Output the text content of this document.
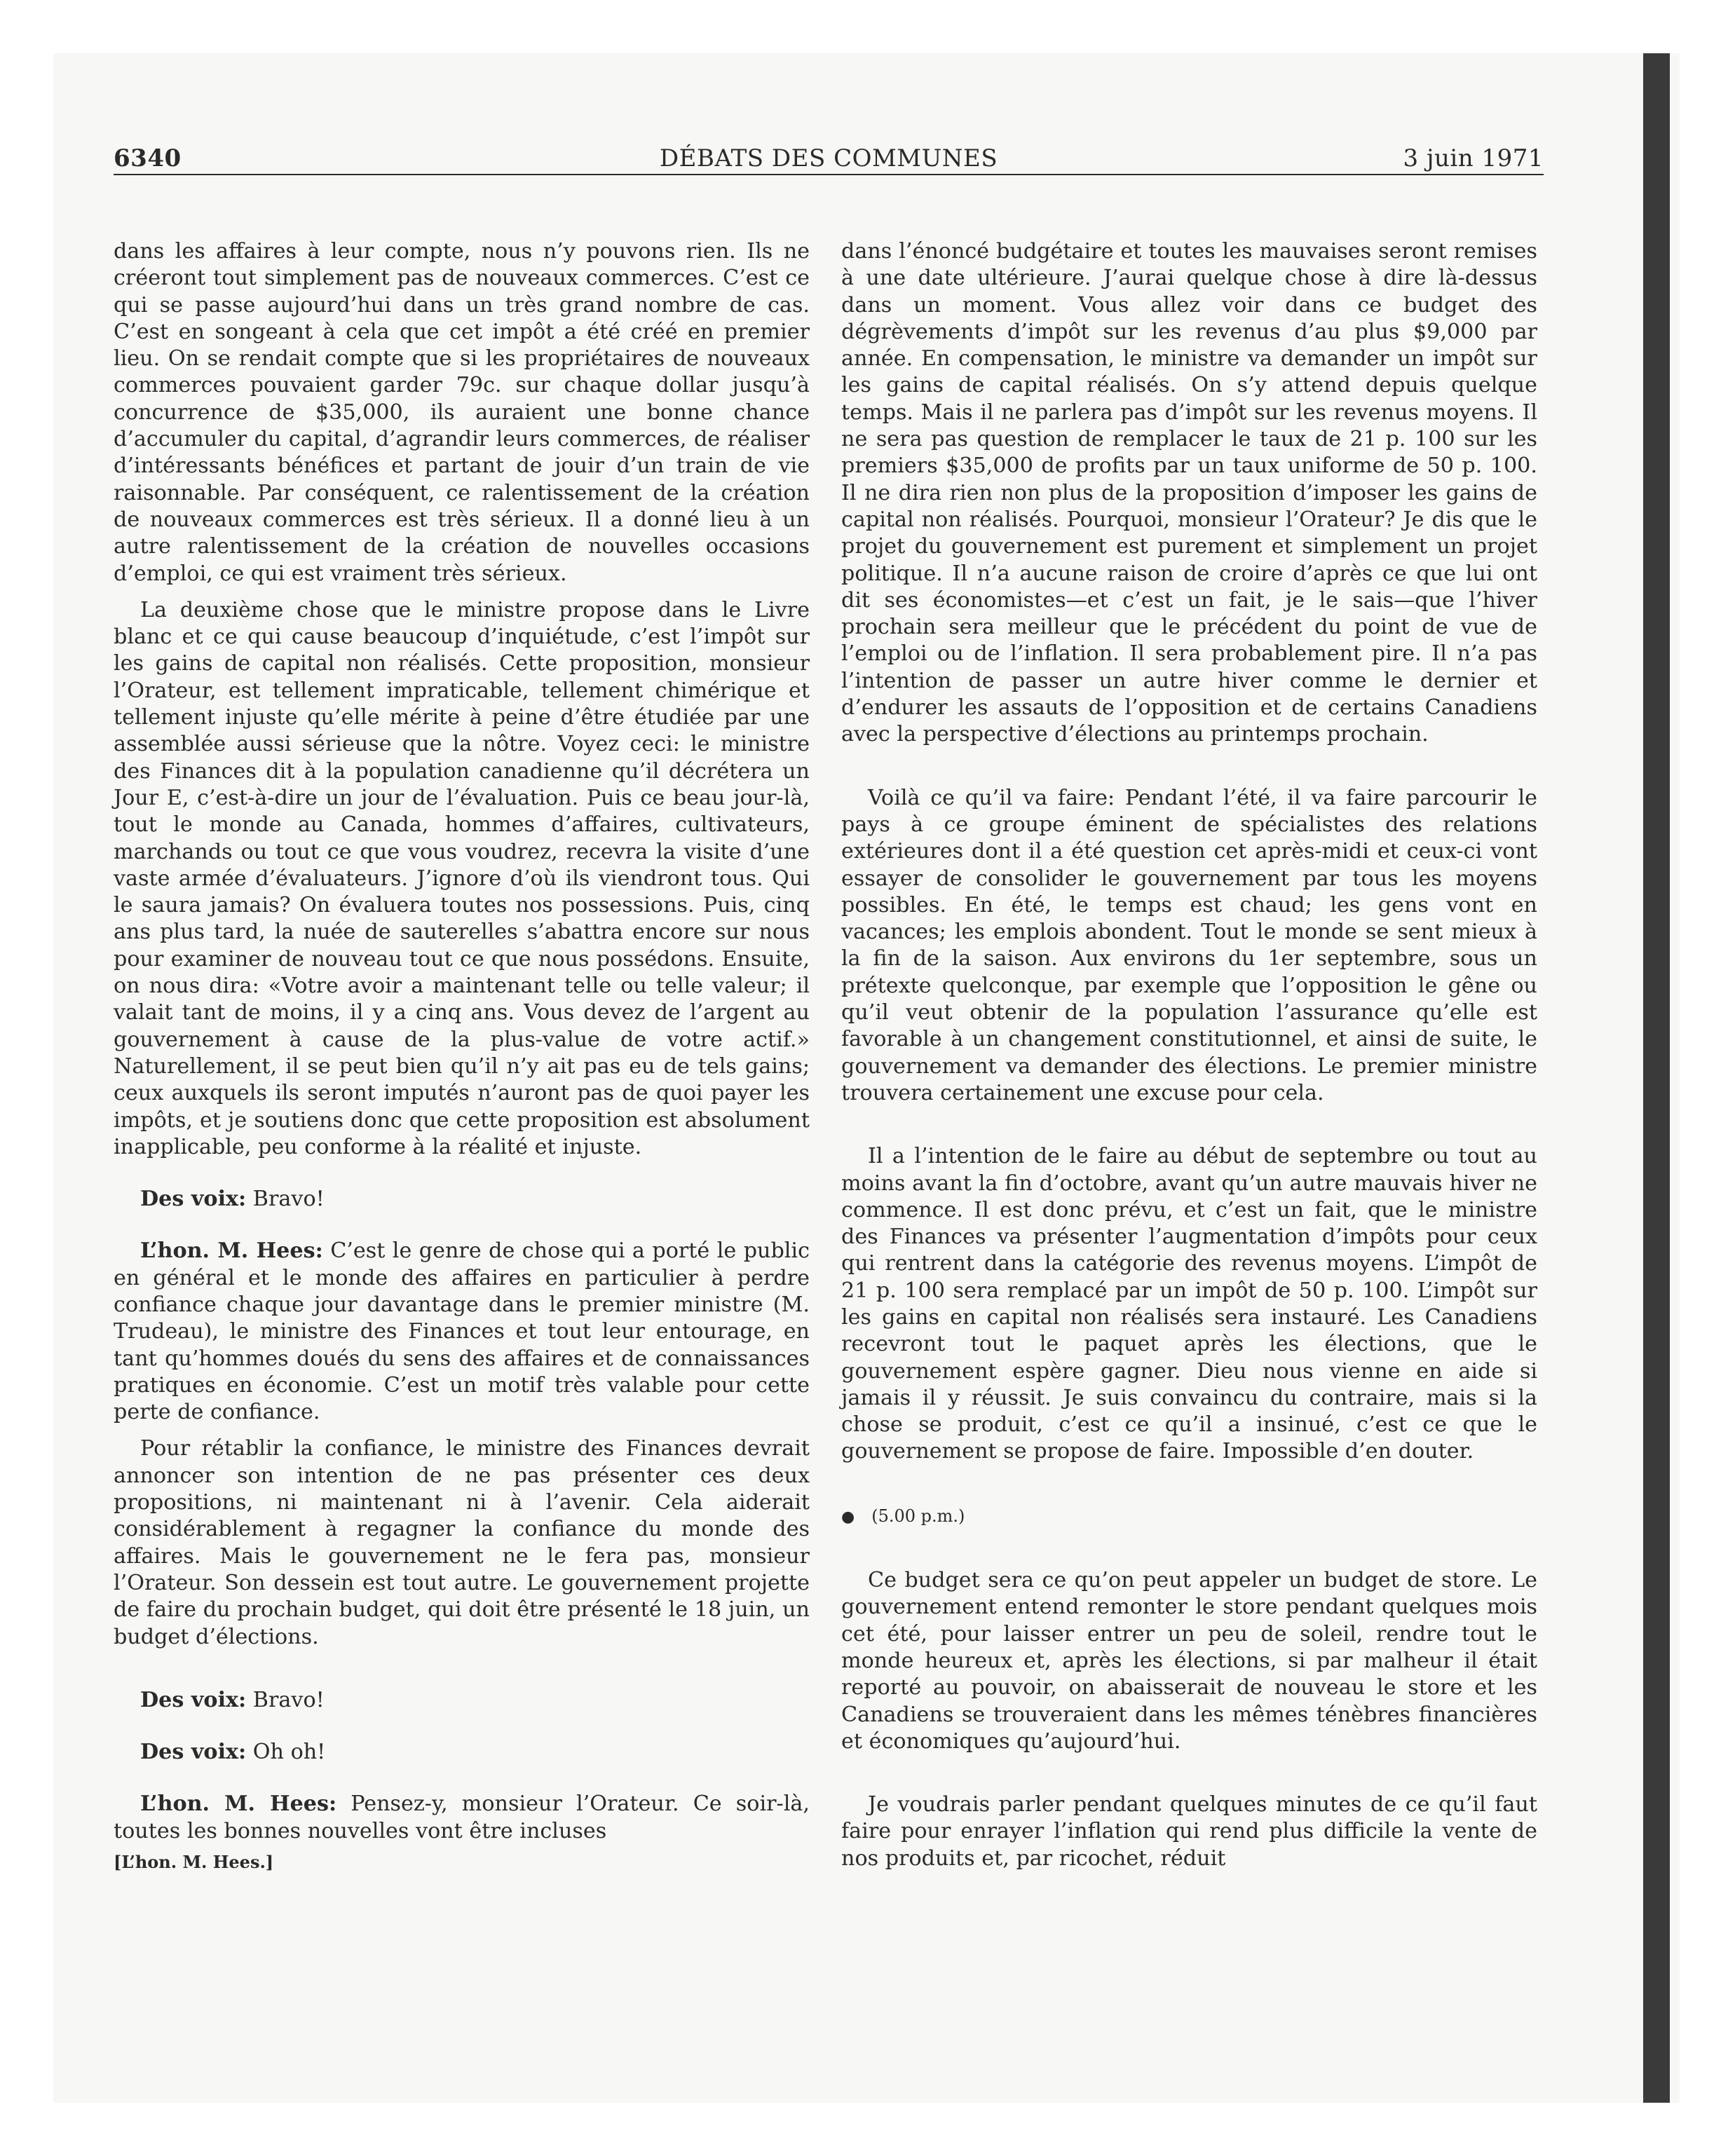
6340	DÉBATS DES COMMUNES	3 juin 1971

dans les affaires à leur compte, nous n’y pouvons rien. Ils ne créeront tout simplement pas de nouveaux commerces. C’est ce qui se passe aujourd’hui dans un très grand nombre de cas. C’est en songeant à cela que cet impôt a été créé en premier lieu. On se rendait compte que si les propriétaires de nouveaux commerces pouvaient garder 79c. sur chaque dollar jusqu’à concurrence de $35,000, ils auraient une bonne chance d’accumuler du capital, d’agrandir leurs commerces, de réaliser d’intéressants bénéfices et partant de jouir d’un train de vie raisonnable. Par conséquent, ce ralentissement de la création de nouveaux commerces est très sérieux. Il a donné lieu à un autre ralentissement de la création de nouvelles occasions d’emploi, ce qui est vraiment très sérieux.

La deuxième chose que le ministre propose dans le Livre blanc et ce qui cause beaucoup d’inquiétude, c’est l’impôt sur les gains de capital non réalisés. Cette proposition, monsieur l’Orateur, est tellement impraticable, tellement chimérique et tellement injuste qu’elle mérite à peine d’être étudiée par une assemblée aussi sérieuse que la nôtre. Voyez ceci: le ministre des Finances dit à la population canadienne qu’il décrétera un Jour E, c’est-à-dire un jour de l’évaluation. Puis ce beau jour-là, tout le monde au Canada, hommes d’affaires, cultivateurs, marchands ou tout ce que vous voudrez, recevra la visite d’une vaste armée d’évaluateurs. J’ignore d’où ils viendront tous. Qui le saura jamais? On évaluera toutes nos possessions. Puis, cinq ans plus tard, la nuée de sauterelles s’abattra encore sur nous pour examiner de nouveau tout ce que nous possédons. Ensuite, on nous dira: «Votre avoir a maintenant telle ou telle valeur; il valait tant de moins, il y a cinq ans. Vous devez de l’argent au gouvernement à cause de la plus-value de votre actif.» Naturellement, il se peut bien qu’il n’y ait pas eu de tels gains; ceux auxquels ils seront imputés n’auront pas de quoi payer les impôts, et je soutiens donc que cette proposition est absolument inapplicable, peu conforme à la réalité et injuste.

Des voix: Bravo!

L’hon. M. Hees: C’est le genre de chose qui a porté le public en général et le monde des affaires en particulier à perdre confiance chaque jour davantage dans le premier ministre (M. Trudeau), le ministre des Finances et tout leur entourage, en tant qu’hommes doués du sens des affaires et de connaissances pratiques en économie. C’est un motif très valable pour cette perte de confiance.

Pour rétablir la confiance, le ministre des Finances devrait annoncer son intention de ne pas présenter ces deux propositions, ni maintenant ni à l’avenir. Cela aiderait considérablement à regagner la confiance du monde des affaires. Mais le gouvernement ne le fera pas, monsieur l’Orateur. Son dessein est tout autre. Le gouvernement projette de faire du prochain budget, qui doit être présenté le 18 juin, un budget d’élections.

Des voix: Bravo!

Des voix: Oh oh!

L’hon. M. Hees: Pensez-y, monsieur l’Orateur. Ce soir-là, toutes les bonnes nouvelles vont être incluses

[L’hon. M. Hees.]

dans l’énoncé budgétaire et toutes les mauvaises seront remises à une date ultérieure. J’aurai quelque chose à dire là-dessus dans un moment. Vous allez voir dans ce budget des dégrèvements d’impôt sur les revenus d’au plus $9,000 par année. En compensation, le ministre va demander un impôt sur les gains de capital réalisés. On s’y attend depuis quelque temps. Mais il ne parlera pas d’impôt sur les revenus moyens. Il ne sera pas question de remplacer le taux de 21 p. 100 sur les premiers $35,000 de profits par un taux uniforme de 50 p. 100. Il ne dira rien non plus de la proposition d’imposer les gains de capital non réalisés. Pourquoi, monsieur l’Orateur? Je dis que le projet du gouvernement est purement et simplement un projet politique. Il n’a aucune raison de croire d’après ce que lui ont dit ses économistes—et c’est un fait, je le sais—que l’hiver prochain sera meilleur que le précédent du point de vue de l’emploi ou de l’inflation. Il sera probablement pire. Il n’a pas l’intention de passer un autre hiver comme le dernier et d’endurer les assauts de l’opposition et de certains Canadiens avec la perspective d’élections au printemps prochain.

Voilà ce qu’il va faire: Pendant l’été, il va faire parcourir le pays à ce groupe éminent de spécialistes des relations extérieures dont il a été question cet après-midi et ceux-ci vont essayer de consolider le gouvernement par tous les moyens possibles. En été, le temps est chaud; les gens vont en vacances; les emplois abondent. Tout le monde se sent mieux à la fin de la saison. Aux environs du 1er septembre, sous un prétexte quelconque, par exemple que l’opposition le gêne ou qu’il veut obtenir de la population l’assurance qu’elle est favorable à un changement constitutionnel, et ainsi de suite, le gouvernement va demander des élections. Le premier ministre trouvera certainement une excuse pour cela.

Il a l’intention de le faire au début de septembre ou tout au moins avant la fin d’octobre, avant qu’un autre mauvais hiver ne commence. Il est donc prévu, et c’est un fait, que le ministre des Finances va présenter l’augmentation d’impôts pour ceux qui rentrent dans la catégorie des revenus moyens. L’impôt de 21 p. 100 sera remplacé par un impôt de 50 p. 100. L’impôt sur les gains en capital non réalisés sera instauré. Les Canadiens recevront tout le paquet après les élections, que le gouvernement espère gagner. Dieu nous vienne en aide si jamais il y réussit. Je suis convaincu du contraire, mais si la chose se produit, c’est ce qu’il a insinué, c’est ce que le gouvernement se propose de faire. Impossible d’en douter.

● (5.00 p.m.)

Ce budget sera ce qu’on peut appeler un budget de store. Le gouvernement entend remonter le store pendant quelques mois cet été, pour laisser entrer un peu de soleil, rendre tout le monde heureux et, après les élections, si par malheur il était reporté au pouvoir, on abaisserait de nouveau le store et les Canadiens se trouveraient dans les mêmes ténèbres financières et économiques qu’aujourd’hui.

Je voudrais parler pendant quelques minutes de ce qu’il faut faire pour enrayer l’inflation qui rend plus difficile la vente de nos produits et, par ricochet, réduit
